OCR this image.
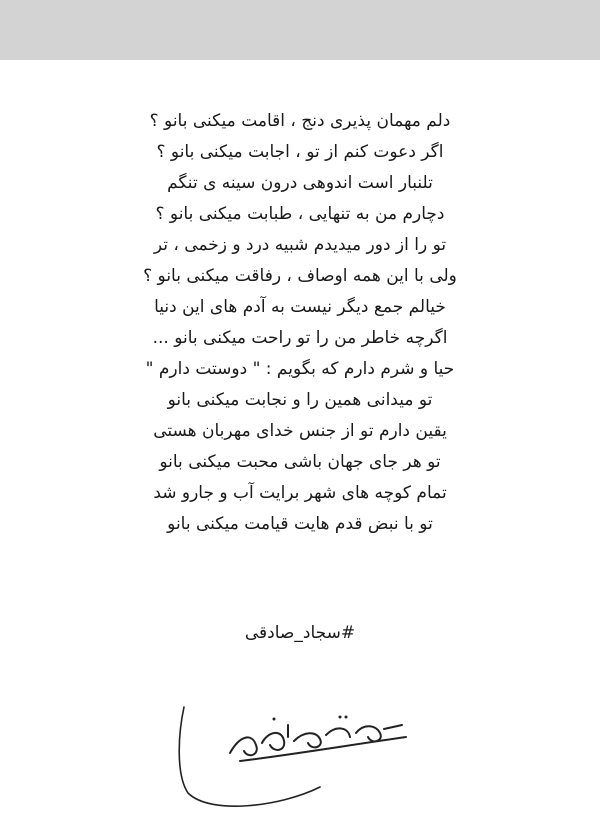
دلم مهمان پذیری دنج ، اقامت میکنی بانو ؟
اگر دعوت کنم از تو ، اجابت میکنی بانو ؟
تلنبار است اندوهی درون سینه ی تنگم
دچارم من به تنهایی ، طبابت میکنی بانو ؟
تو را از دور میدیدم شبیه درد و زخمی ، تر
ولی با این همه اوصاف ، رفاقت میکنی بانو ؟
خیالم جمع دیگر نیست به آدم های این دنیا
اگرچه خاطر من را تو راحت میکنی بانو ...
حیا و شرم دارم که بگویم : " دوستت دارم "
تو میدانی همین را و نجابت میکنی بانو
یقین دارم تو از جنس خدای مهربان هستی
تو هر جای جهان باشی محبت میکنی بانو
تمام کوچه های شهر برایت آب و جارو شد
تو با نبض قدم هایت قیامت میکنی بانو
#سجاد_صادقی
